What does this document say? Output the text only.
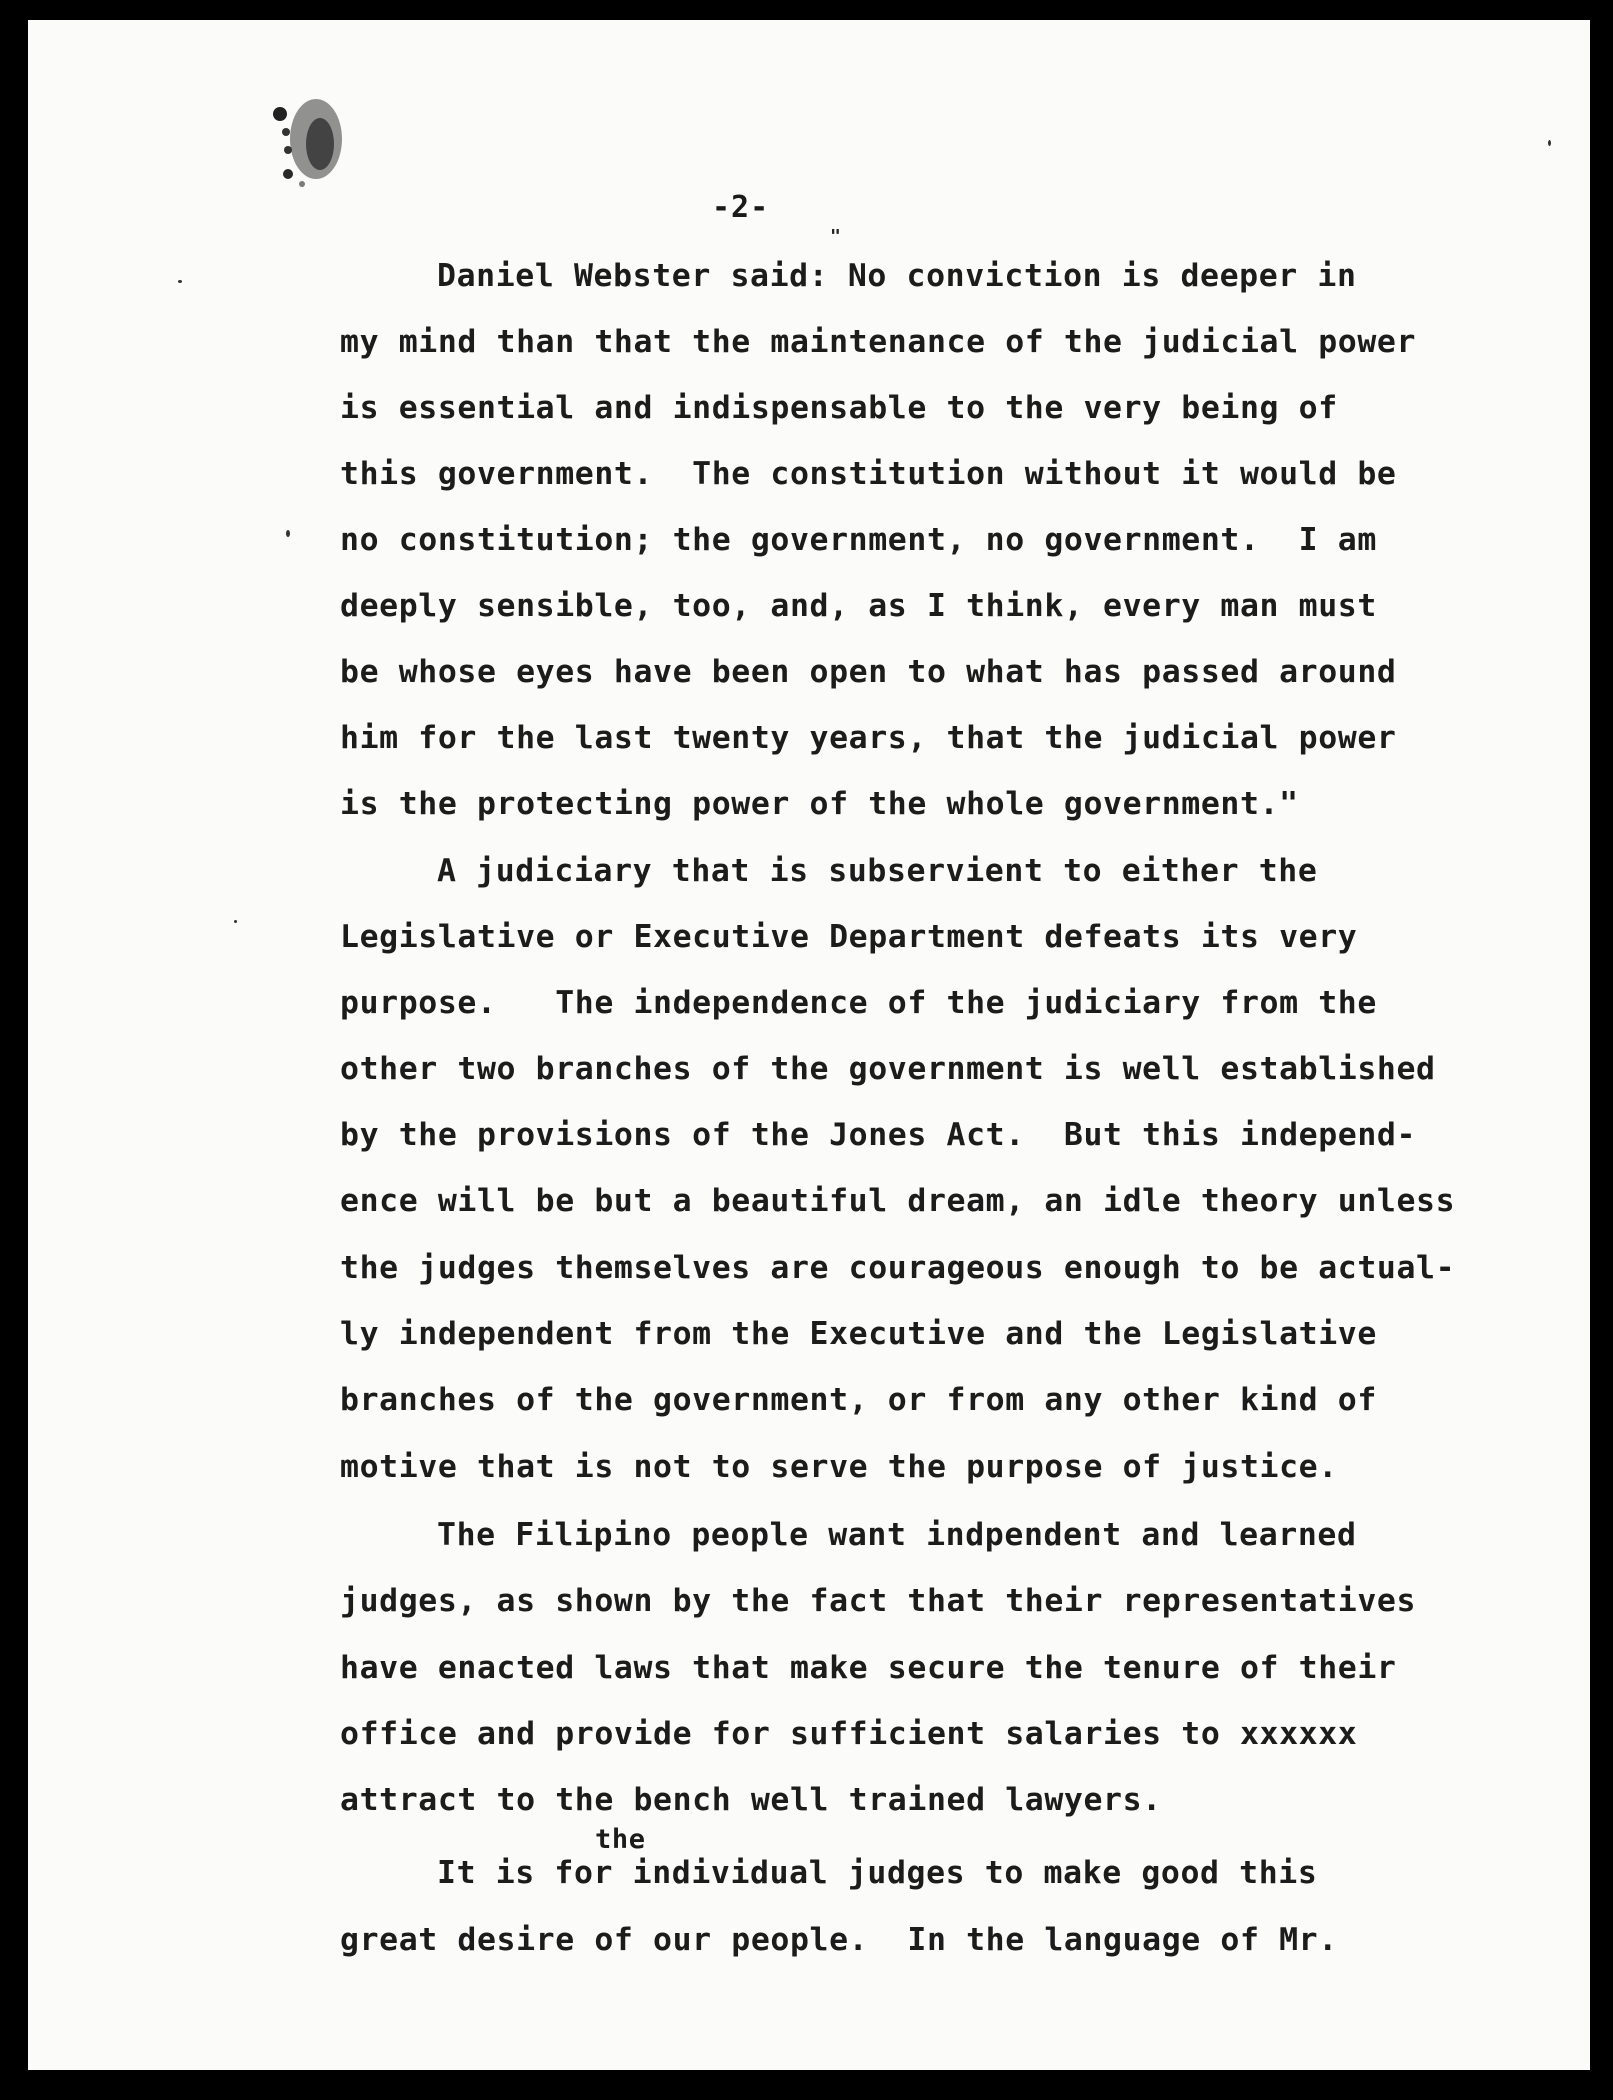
-2-
"
Daniel Webster said: No conviction is deeper in
my mind than that the maintenance of the judicial power
is essential and indispensable to the very being of
this government.  The constitution without it would be
no constitution; the government, no government.  I am
deeply sensible, too, and, as I think, every man must
be whose eyes have been open to what has passed around
him for the last twenty years, that the judicial power
is the protecting power of the whole government."
A judiciary that is subservient to either the
Legislative or Executive Department defeats its very
purpose.   The independence of the judiciary from the
other two branches of the government is well established
by the provisions of the Jones Act.  But this independ-
ence will be but a beautiful dream, an idle theory unless
the judges themselves are courageous enough to be actual-
ly independent from the Executive and the Legislative
branches of the government, or from any other kind of
motive that is not to serve the purpose of justice.
The Filipino people want indpendent and learned
judges, as shown by the fact that their representatives
have enacted laws that make secure the tenure of their
office and provide for sufficient salaries to xxxxxx
attract to the bench well trained lawyers.
the
It is for individual judges to make good this
great desire of our people.  In the language of Mr.
